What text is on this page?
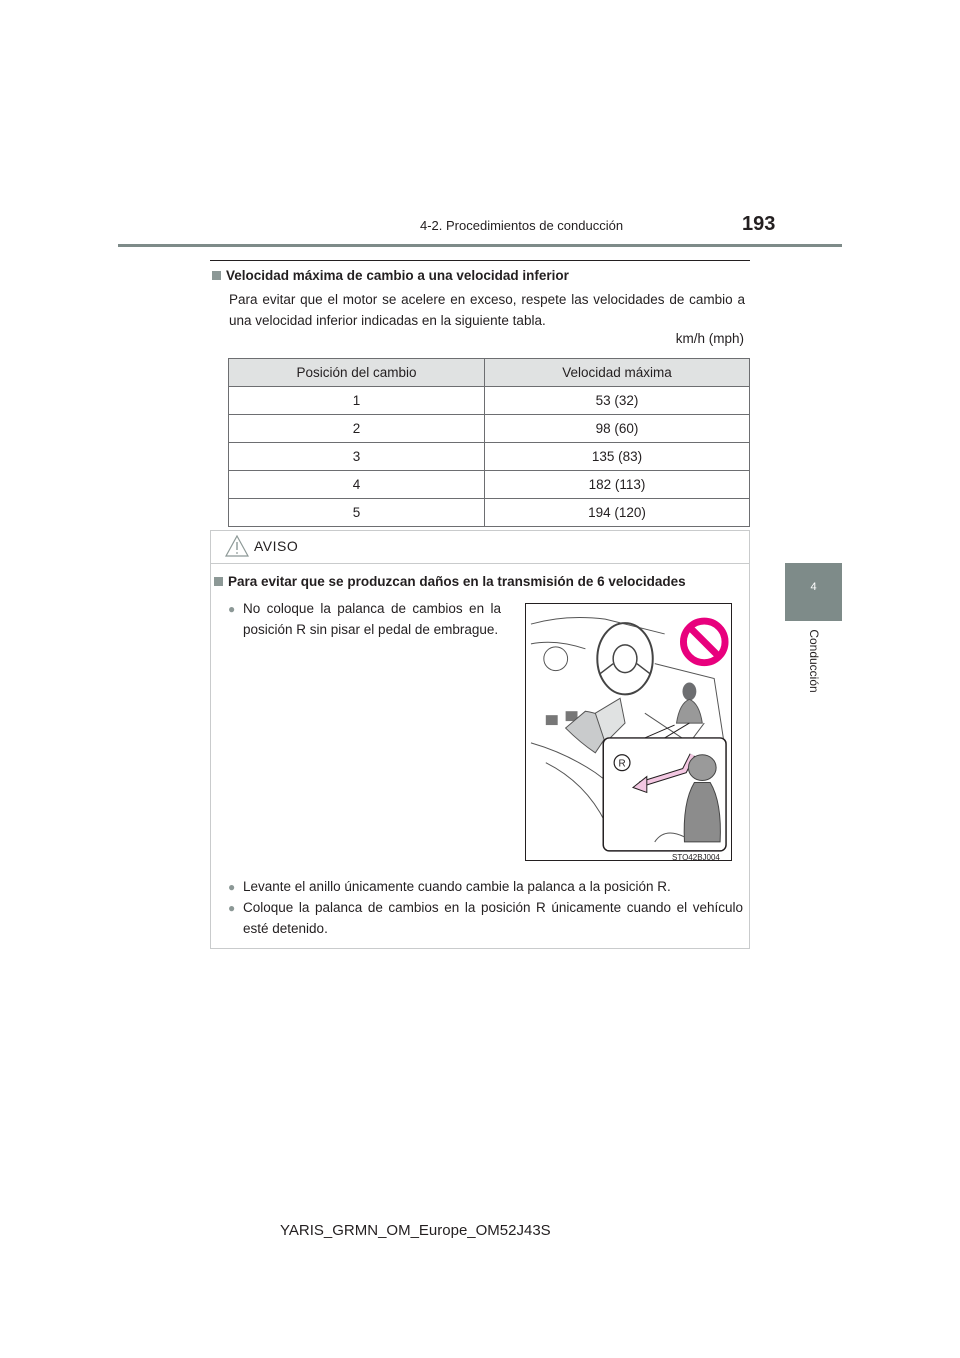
4-2. Procedimientos de conducción	193
4
Conducción
Velocidad máxima de cambio a una velocidad inferior
Para evitar que el motor se acelere en exceso, respete las velocidades de cambio a una velocidad inferior indicadas en la siguiente tabla.
km/h (mph)
Posición del cambio	Velocidad máxima
1	53 (32)
2	98 (60)
3	135 (83)
4	182 (113)
5	194 (120)
AVISO
Para evitar que se produzcan daños en la transmisión de 6 velocidades
● No coloque la palanca de cambios en la posición R sin pisar el pedal de embrague.
R
STO42BJ004
● Levante el anillo únicamente cuando cambie la palanca a la posición R.
● Coloque la palanca de cambios en la posición R únicamente cuando el vehículo esté detenido.
YARIS_GRMN_OM_Europe_OM52J43S
